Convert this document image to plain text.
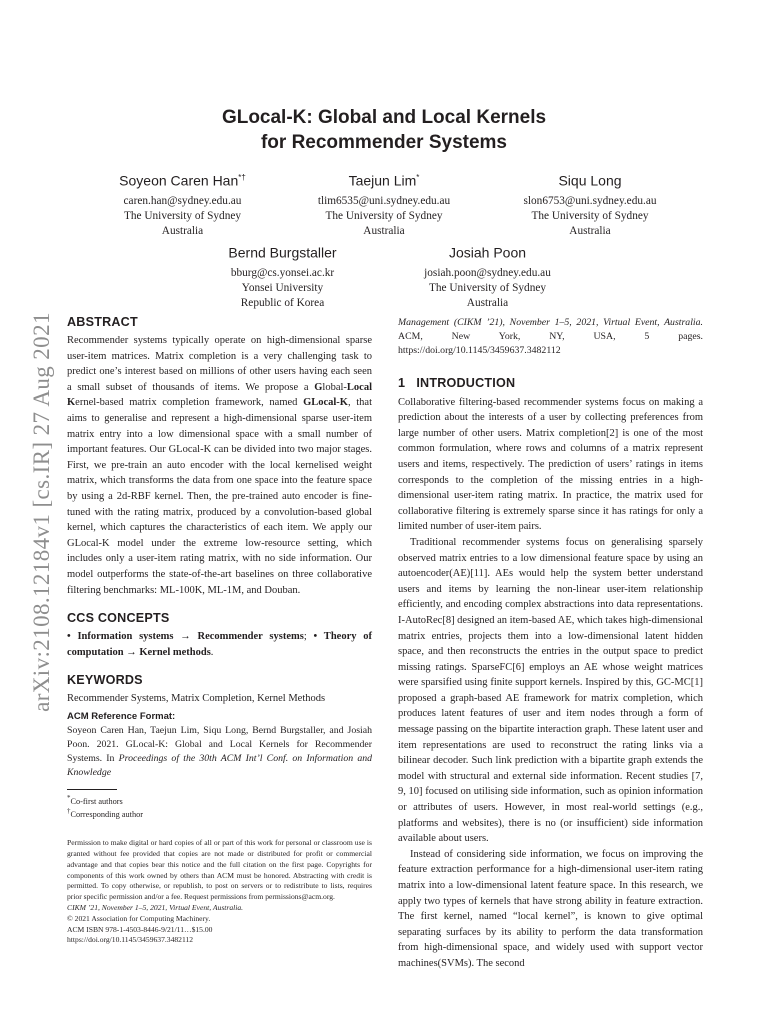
arXiv:2108.12184v1 [cs.IR] 27 Aug 2021
GLocal-K: Global and Local Kernels
for Recommender Systems
Soyeon Caren Han*†
caren.han@sydney.edu.au
The University of Sydney
Australia
Taejun Lim*
tlim6535@uni.sydney.edu.au
The University of Sydney
Australia
Siqu Long
slon6753@uni.sydney.edu.au
The University of Sydney
Australia
Bernd Burgstaller
bburg@cs.yonsei.ac.kr
Yonsei University
Republic of Korea
Josiah Poon
josiah.poon@sydney.edu.au
The University of Sydney
Australia
ABSTRACT

Recommender systems typically operate on high-dimensional sparse user-item matrices. Matrix completion is a very challenging task to predict one’s interest based on millions of other users having each seen a small subset of thousands of items. We propose a Global-Local Kernel-based matrix completion framework, named GLocal-K, that aims to generalise and represent a high-dimensional sparse user-item matrix entry into a low dimensional space with a small number of important features. Our GLocal-K can be divided into two major stages. First, we pre-train an auto encoder with the local kernelised weight matrix, which transforms the data from one space into the feature space by using a 2d-RBF kernel. Then, the pre-trained auto encoder is fine-tuned with the rating matrix, produced by a convolution-based global kernel, which captures the characteristics of each item. We apply our GLocal-K model under the extreme low-resource setting, which includes only a user-item rating matrix, with no side information. Our model outperforms the state-of-the-art baselines on three collaborative filtering benchmarks: ML-100K, ML-1M, and Douban.

CCS CONCEPTS

• Information systems → Recommender systems; • Theory of computation → Kernel methods.

KEYWORDS

Recommender Systems, Matrix Completion, Kernel Methods

ACM Reference Format:

Soyeon Caren Han, Taejun Lim, Siqu Long, Bernd Burgstaller, and Josiah Poon. 2021. GLocal-K: Global and Local Kernels for Recommender Systems. In Proceedings of the 30th ACM Int’l Conf. on Information and Knowledge

*Co-first authors
†Corresponding author
Permission to make digital or hard copies of all or part of this work for personal or classroom use is granted without fee provided that copies are not made or distributed for profit or commercial advantage and that copies bear this notice and the full citation on the first page. Copyrights for components of this work owned by others than ACM must be honored. Abstracting with credit is permitted. To copy otherwise, or republish, to post on servers or to redistribute to lists, requires prior specific permission and/or a fee. Request permissions from permissions@acm.org.
CIKM ’21, November 1–5, 2021, Virtual Event, Australia.
© 2021 Association for Computing Machinery.
ACM ISBN 978-1-4503-8446-9/21/11…$15.00
https://doi.org/10.1145/3459637.3482112

Management (CIKM ’21), November 1–5, 2021, Virtual Event, Australia. ACM, New York, NY, USA, 5 pages. https://doi.org/10.1145/3459637.3482112

1 INTRODUCTION

Collaborative filtering-based recommender systems focus on making a prediction about the interests of a user by collecting preferences from large number of other users. Matrix completion[2] is one of the most common formulation, where rows and columns of a matrix represent users and items, respectively. The prediction of users’ ratings in items corresponds to the completion of the missing entries in a high-dimensional user-item rating matrix. In practice, the matrix used for collaborative filtering is extremely sparse since it has ratings for only a limited number of user-item pairs.

Traditional recommender systems focus on generalising sparsely observed matrix entries to a low dimensional feature space by using an autoencoder(AE)[11]. AEs would help the system better understand users and items by learning the non-linear user-item relationship efficiently, and encoding complex abstractions into data representations. I-AutoRec[8] designed an item-based AE, which takes high-dimensional matrix entries, projects them into a low-dimensional latent hidden space, and then reconstructs the entries in the output space to predict missing ratings. SparseFC[6] employs an AE whose weight matrices were sparsified using finite support kernels. Inspired by this, GC-MC[1] proposed a graph-based AE framework for matrix completion, which produces latent features of user and item nodes through a form of message passing on the bipartite interaction graph. These latent user and item representations are used to reconstruct the rating links via a bilinear decoder. Such link prediction with a bipartite graph extends the model with structural and external side information. Recent studies [7, 9, 10] focused on utilising side information, such as opinion information or attributes of users. However, in most real-world settings (e.g., platforms and websites), there is no (or insufficient) side information available about users.

Instead of considering side information, we focus on improving the feature extraction performance for a high-dimensional user-item rating matrix into a low-dimensional latent feature space. In this research, we apply two types of kernels that have strong ability in feature extraction. The first kernel, named “local kernel”, is known to give optimal separating surfaces by its ability to perform the data transformation from high-dimensional space, and widely used with support vector machines(SVMs). The second
